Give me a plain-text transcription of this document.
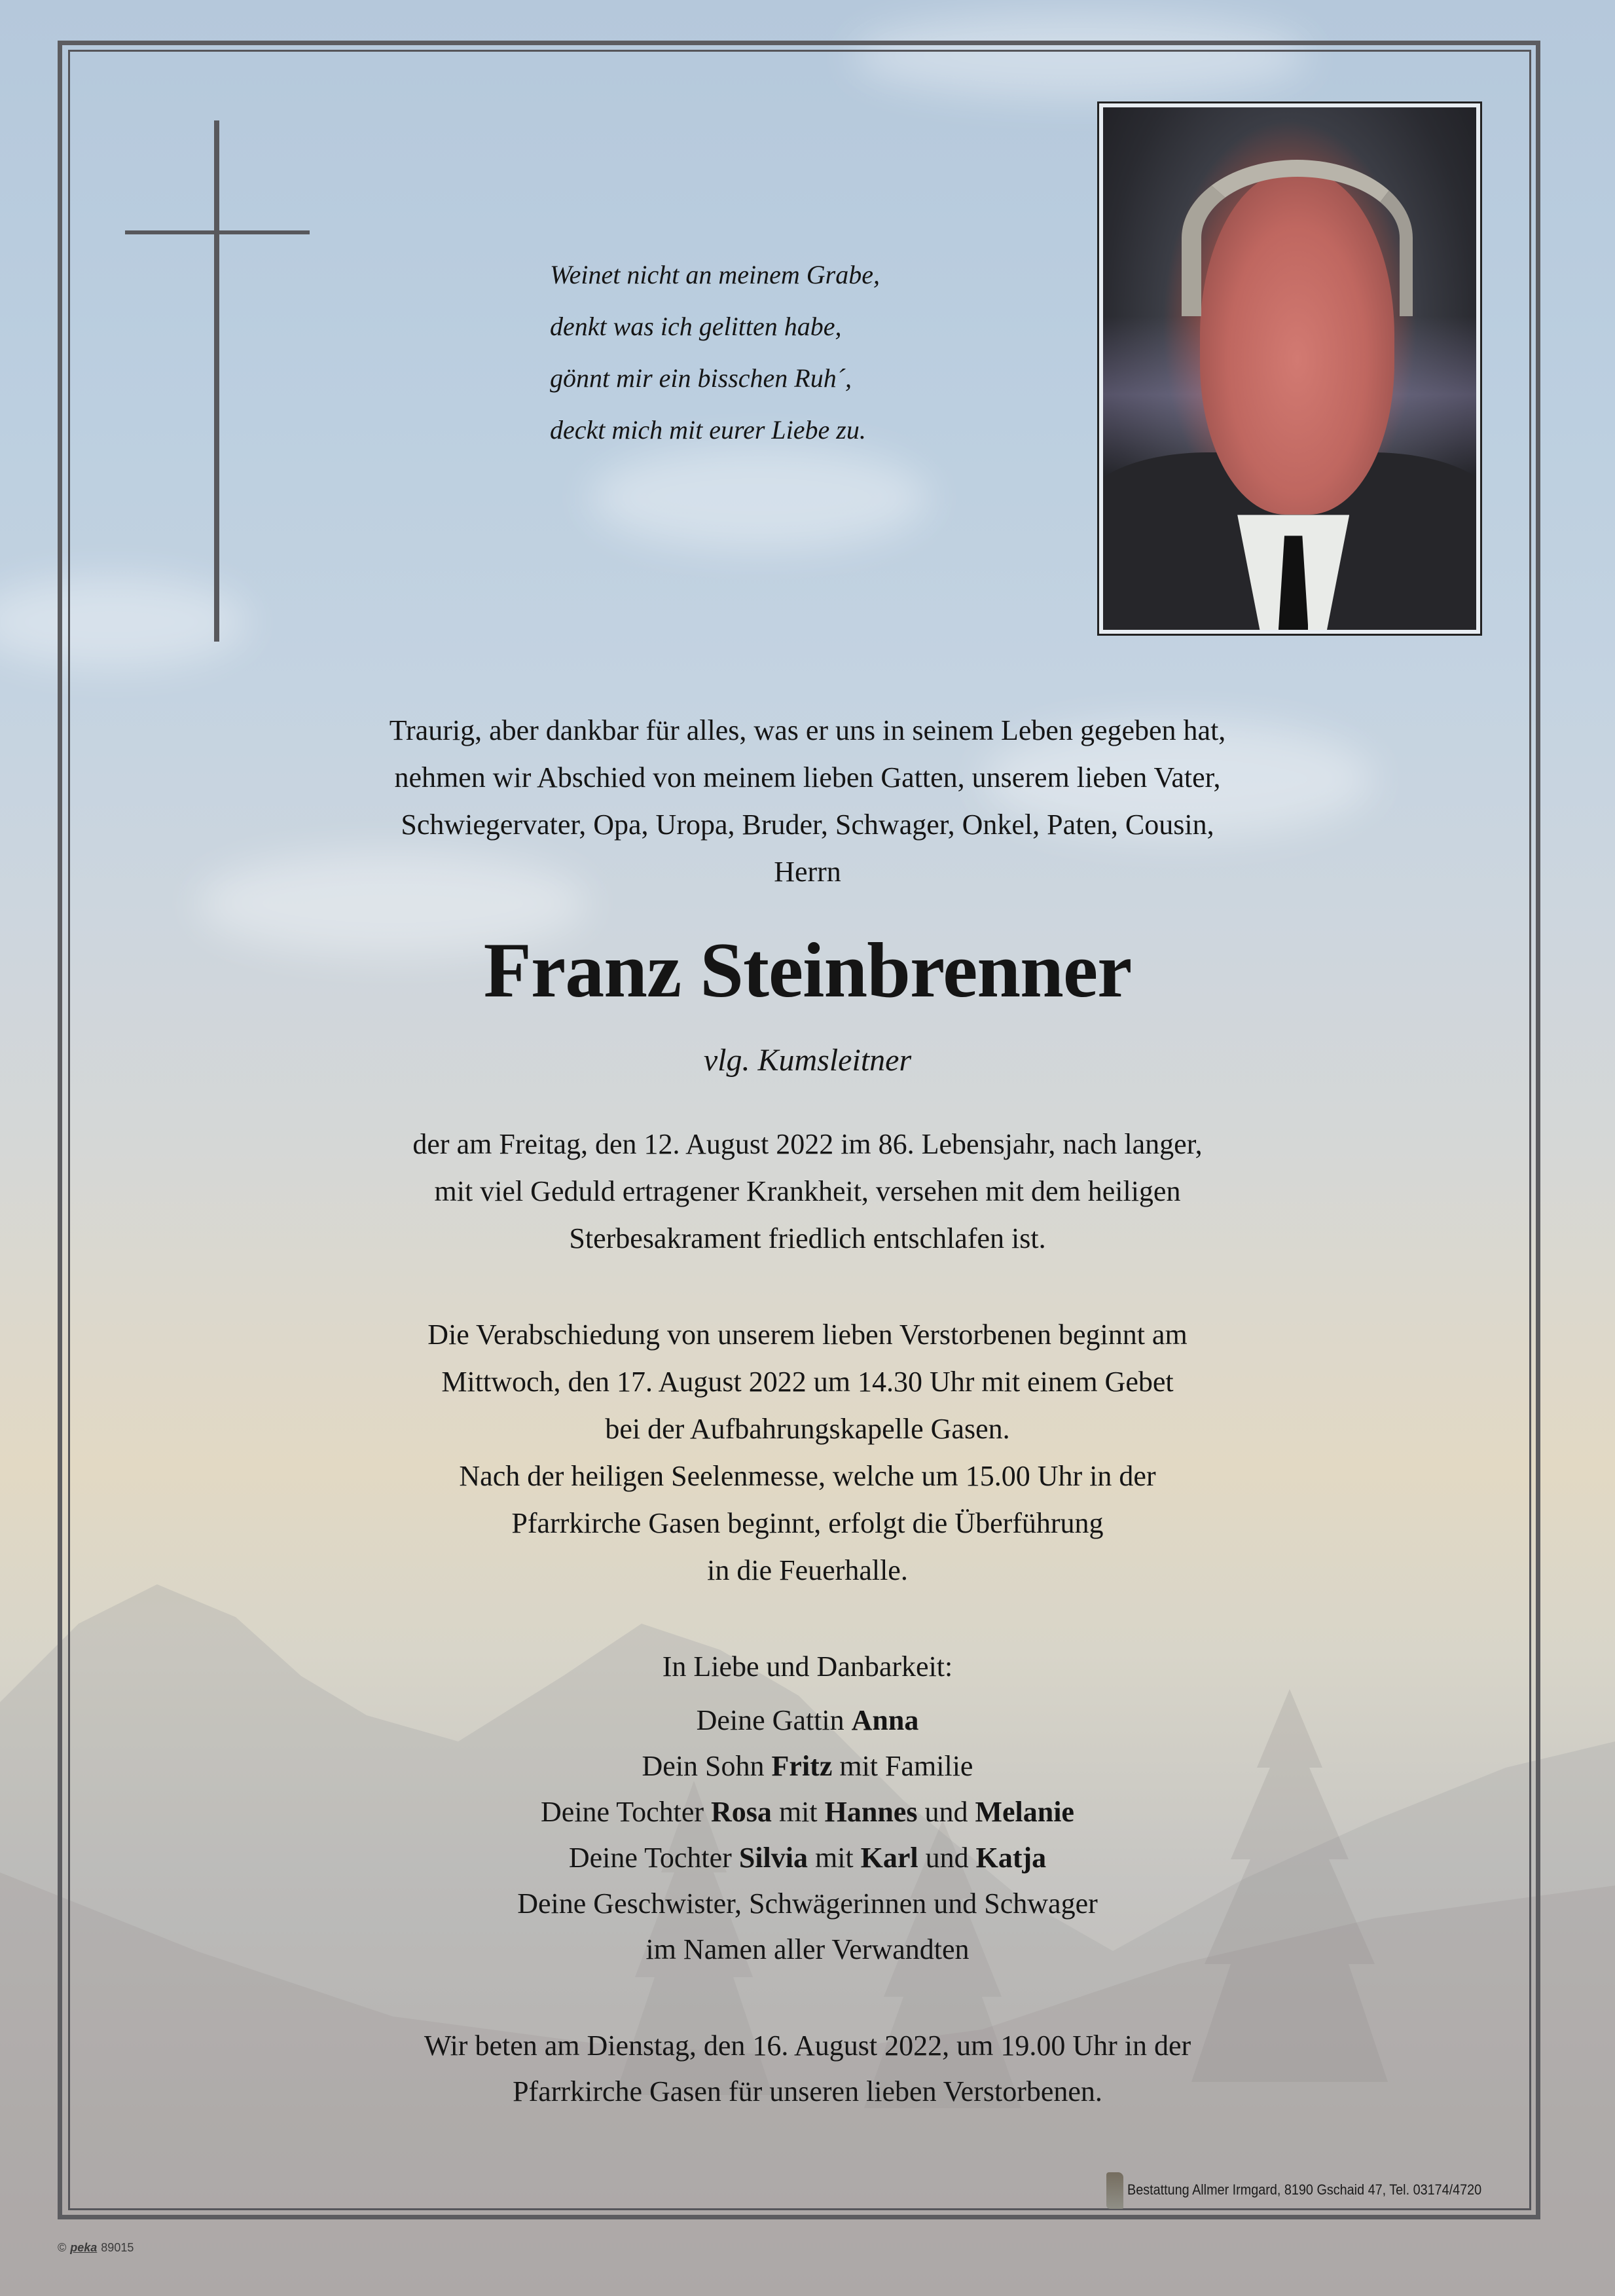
Weinet nicht an meinem Grabe,
denkt was ich gelitten habe,
gönnt mir ein bisschen Ruh´,
deckt mich mit eurer Liebe zu.
Traurig, aber dankbar für alles, was er uns in seinem Leben gegeben hat,
nehmen wir Abschied von meinem lieben Gatten, unserem lieben Vater,
Schwiegervater, Opa, Uropa, Bruder, Schwager, Onkel, Paten, Cousin,
Herrn
Franz Steinbrenner
vlg. Kumsleitner
der am Freitag, den 12. August 2022 im 86. Lebensjahr, nach langer,
mit viel Geduld ertragener Krankheit, versehen mit dem heiligen
Sterbesakrament friedlich entschlafen ist.
Die Verabschiedung von unserem lieben Verstorbenen beginnt am
Mittwoch, den 17. August 2022 um 14.30 Uhr mit einem Gebet
bei der Aufbahrungskapelle Gasen.
Nach der heiligen Seelenmesse, welche um 15.00 Uhr in der
Pfarrkirche Gasen beginnt, erfolgt die Überführung
in die Feuerhalle.
In Liebe und Danbarkeit:
Deine Gattin Anna
Dein Sohn Fritz mit Familie
Deine Tochter Rosa mit Hannes und Melanie
Deine Tochter Silvia mit Karl und Katja
Deine Geschwister, Schwägerinnen und Schwager
im Namen aller Verwandten
Wir beten am Dienstag, den 16. August 2022, um 19.00 Uhr in der
Pfarrkirche Gasen für unseren lieben Verstorbenen.
Bestattung Allmer Irmgard, 8190 Gschaid 47, Tel. 03174/4720
© peka 89015
